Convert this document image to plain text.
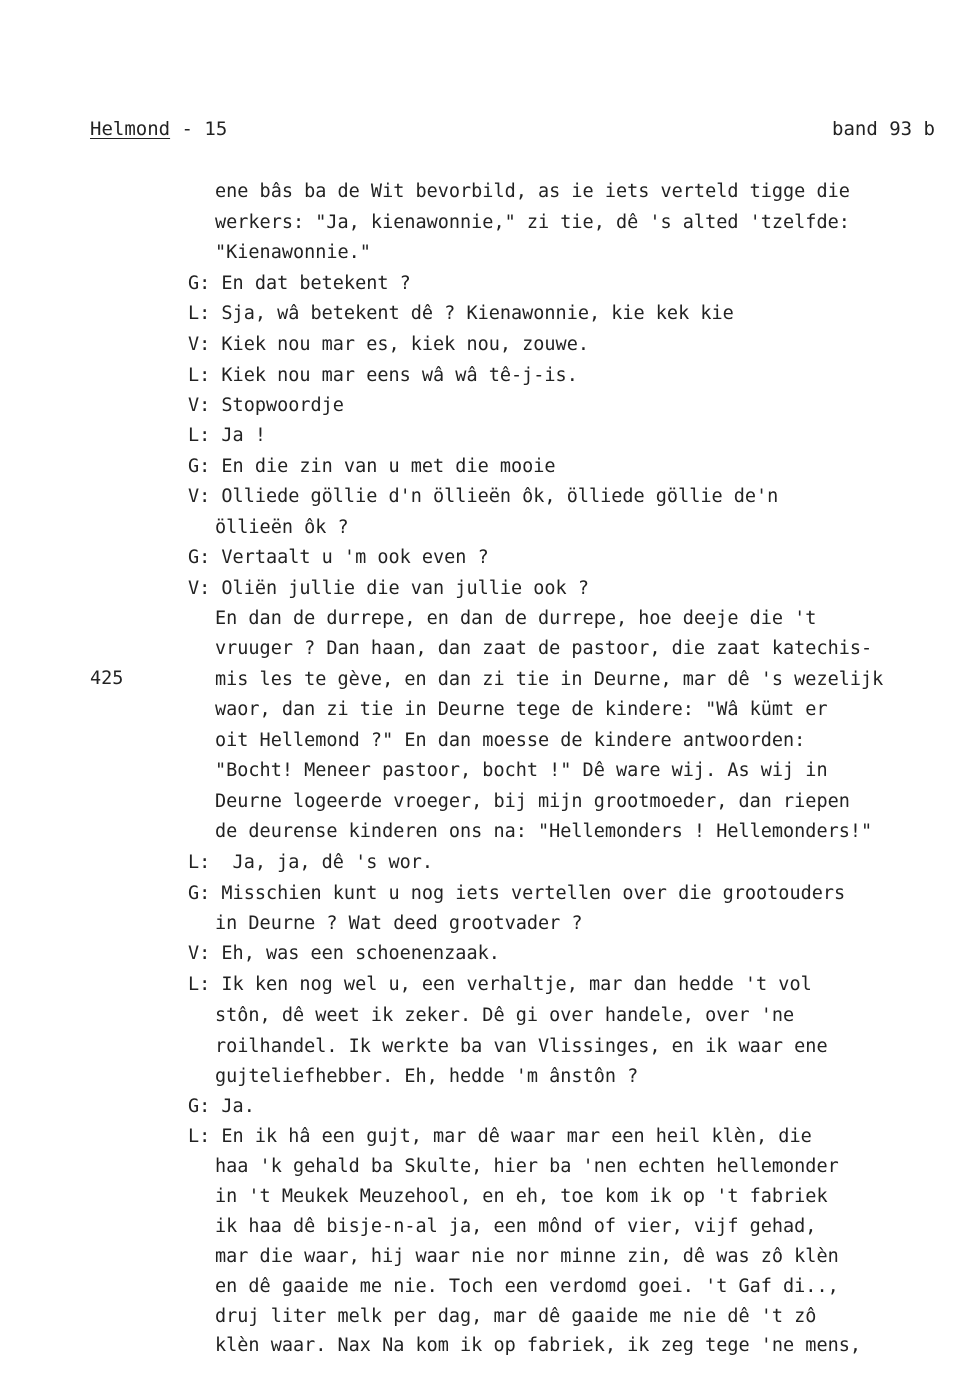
Helmond - 15	band 93 b
425
ene bâs ba de Wit bevorbild, as ie iets verteld tigge die
werkers: "Ja, kienawonnie," zi tie, dê 's alted 'tzelfde:
"Kienawonnie."
G: En dat betekent ?
L: Sja, wâ betekent dê ? Kienawonnie, kie kek kie
V: Kiek nou mar es, kiek nou, zouwe.
L: Kiek nou mar eens wâ wâ tê-j-is.
V: Stopwoordje
L: Ja !
G: En die zin van u met die mooie
V: Olliede göllie d'n öllieën ôk, ölliede göllie de'n
öllieën ôk ?
G: Vertaalt u 'm ook even ?
V: Oliën jullie die van jullie ook ?
En dan de durrepe, en dan de durrepe, hoe deeje die 't
vruuger ? Dan haan, dan zaat de pastoor, die zaat katechis-
mis les te gève, en dan zi tie in Deurne, mar dê 's wezelijk
waor, dan zi tie in Deurne tege de kindere: "Wâ kümt er
oit Hellemond ?" En dan moesse de kindere antwoorden:
"Bocht! Meneer pastoor, bocht !" Dê ware wij. As wij in
Deurne logeerde vroeger, bij mijn grootmoeder, dan riepen
de deurense kinderen ons na: "Hellemonders ! Hellemonders!"
L:  Ja, ja, dê 's wor.
G: Misschien kunt u nog iets vertellen over die grootouders
in Deurne ? Wat deed grootvader ?
V: Eh, was een schoenenzaak.
L: Ik ken nog wel u, een verhaltje, mar dan hedde 't vol
stôn, dê weet ik zeker. Dê gi over handele, over 'ne
roilhandel. Ik werkte ba van Vlissinges, en ik waar ene
gujteliefhebber. Eh, hedde 'm ânstôn ?
G: Ja.
L: En ik hâ een gujt, mar dê waar mar een heil klèn, die
haa 'k gehald ba Skulte, hier ba 'nen echten hellemonder
in 't Meukek Meuzehool, en eh, toe kom ik op 't fabriek
ik haa dê bisje-n-al ja, een mônd of vier, vijf gehad,
mar die waar, hij waar nie nor minne zin, dê was zô klèn
en dê gaaide me nie. Toch een verdomd goei. 't Gaf di..,
druj liter melk per dag, mar dê gaaide me nie dê 't zô
klèn waar. Nax Na kom ik op fabriek, ik zeg tege 'ne mens,
